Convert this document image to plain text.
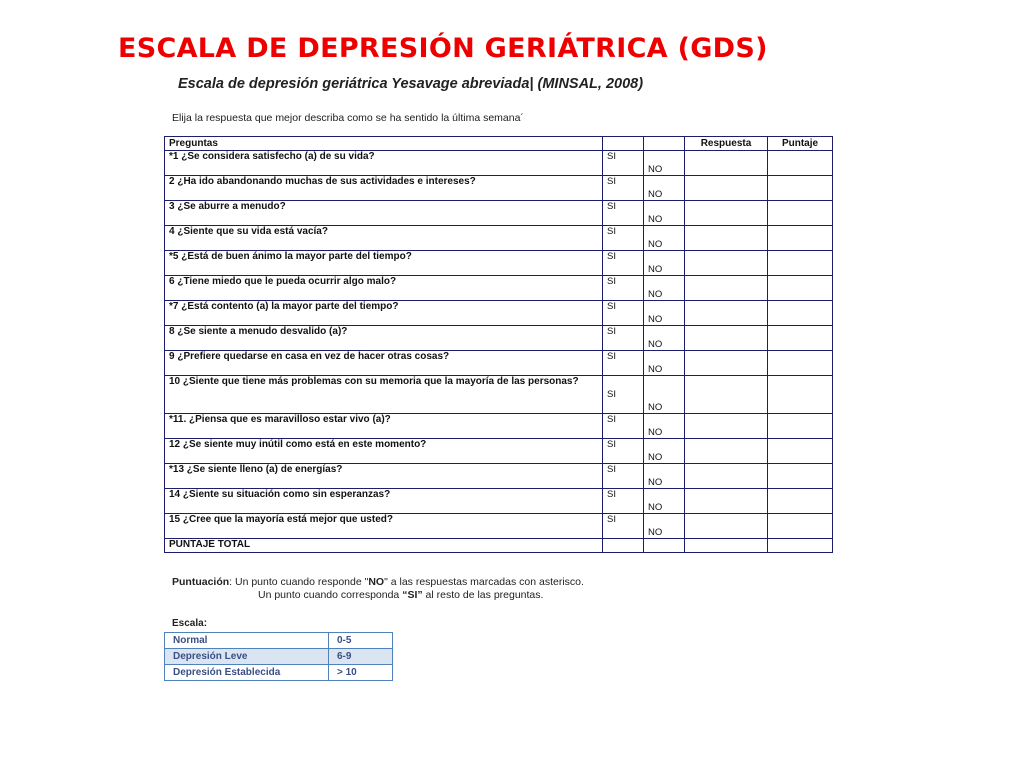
ESCALA DE DEPRESIÓN GERIÁTRICA (GDS)
Escala de depresión geriátrica Yesavage abreviada| (MINSAL, 2008)
Elija la respuesta que mejor describa como se ha sentido la última semana´
Preguntas			Respuesta	Puntaje
*1 ¿Se considera satisfecho (a) de su vida?	SI	NO		
2 ¿Ha ido abandonando muchas de sus actividades e intereses?	SI	NO		
3 ¿Se aburre a menudo?	SI	NO		
4 ¿Siente que su vida está vacía?	SI	NO		
*5 ¿Está de buen ánimo la mayor parte del tiempo?	SI	NO		
6 ¿Tiene miedo que le pueda ocurrir algo malo?	SI	NO		
*7 ¿Está contento (a) la mayor parte del tiempo?	SI	NO		
8 ¿Se siente a menudo desvalido (a)?	SI	NO		
9 ¿Prefiere quedarse en casa en vez de hacer otras cosas?	SI	NO		
10 ¿Siente que tiene más problemas con su memoria que la mayoría de las personas?	SI	NO		
*11. ¿Piensa que es maravilloso estar vivo (a)?	SI	NO		
12 ¿Se siente muy inútil como está en este momento?	SI	NO		
*13 ¿Se siente lleno (a) de energías?	SI	NO		
14 ¿Siente su situación como sin esperanzas?	SI	NO		
15 ¿Cree que la mayoría está mejor que usted?	SI	NO		
PUNTAJE TOTAL				
Puntuación: Un punto cuando responde "NO" a las respuestas marcadas con asterisco.
Un punto cuando corresponda “SI” al resto de las preguntas.
Escala:
Normal	0-5
Depresión Leve	6-9
Depresión Establecida	> 10
